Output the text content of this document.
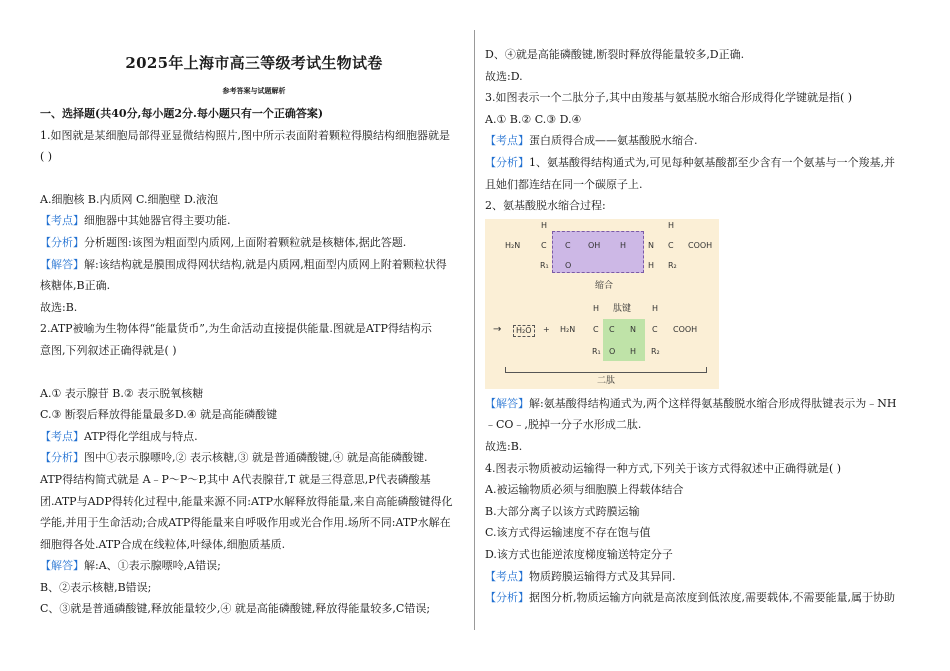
2025年上海市高三等级考试生物试卷
参考答案与试题解析

一、选择题(共40分,每小题2分.每小题只有一个正确答案)

1.如图就是某细胞局部得亚显微结构照片,图中所示表面附着颗粒得膜结构细胞器就是

( )

A.细胞核 B.内质网 C.细胞壁 D.液泡

【考点】细胞器中其她器官得主要功能.

【分析】分析题图:该图为粗面型内质网,上面附着颗粒就是核糖体,据此答题.

【解答】解:该结构就是膜围成得网状结构,就是内质网,粗面型内质网上附着颗粒状得

核糖体,B正确.

故选:B.

2.ATP被喻为生物体得“能量货币”,为生命活动直接提供能量.图就是ATP得结构示

意图,下列叙述正确得就是( )

A.① 表示腺苷 B.② 表示脱氧核糖

C.③ 断裂后释放得能量最多D.④ 就是高能磷酸键

【考点】ATP得化学组成与特点.

【分析】图中①表示腺嘌呤,② 表示核糖,③ 就是普通磷酸键,④ 就是高能磷酸键.

ATP得结构简式就是 A﹣P～P～P,其中 A代表腺苷,T 就是三得意思,P代表磷酸基

团.ATP与ADP得转化过程中,能量来源不同:ATP水解释放得能量,来自高能磷酸键得化

学能,并用于生命活动;合成ATP得能量来自呼吸作用或光合作用.场所不同:ATP水解在

细胞得各处.ATP合成在线粒体,叶绿体,细胞质基质.

【解答】解:A、①表示腺嘌呤,A错误;

B、②表示核糖,B错误;

C、③就是普通磷酸键,释放能量较少,④ 就是高能磷酸键,释放得能量较多,C错误;

D、④就是高能磷酸键,断裂时释放得能量较多,D正确.

故选:D.

3.如图表示一个二肽分子,其中由羧基与氨基脱水缩合形成得化学键就是指( )

A.① B.② C.③ D.④

【考点】蛋白质得合成——氨基酸脱水缩合.

【分析】1、氨基酸得结构通式为,可见每种氨基酸都至少含有一个氨基与一个羧基,并

且她们都连结在同一个碳原子上.

2、氨基酸脱水缩合过程:

H	H
H₂N	C C OH H	N C COOH
R₁ O	H R₂
缩合
H 肽键	H
→	H₂O	+ H₂N C C N C COOH
R₁ O H R₂
二肽

【解答】解:氨基酸得结构通式为,两个这样得氨基酸脱水缩合形成得肽键表示为﹣NH

﹣CO﹣,脱掉一分子水形成二肽.

故选:B.

4.图表示物质被动运输得一种方式,下列关于该方式得叙述中正确得就是( )

A.被运输物质必须与细胞膜上得载体结合

B.大部分离子以该方式跨膜运输

C.该方式得运输速度不存在饱与值

D.该方式也能逆浓度梯度输送特定分子

【考点】物质跨膜运输得方式及其异同.

【分析】据图分析,物质运输方向就是高浓度到低浓度,需要载体,不需要能量,属于协助
